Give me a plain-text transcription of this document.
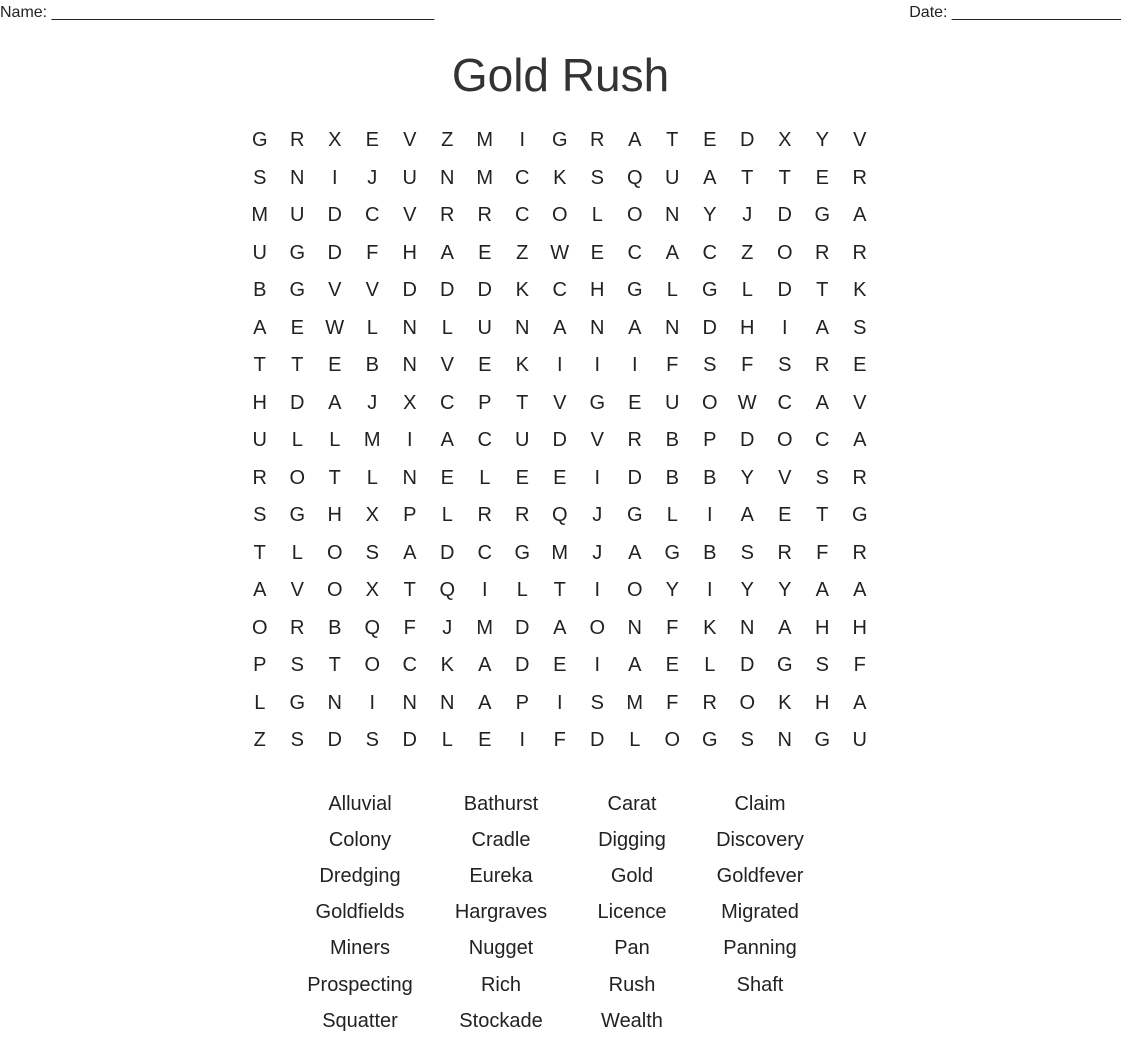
Name: ___________________________________________	Date: ___________________
Gold Rush
G	R	X	E	V	Z	M	I	G	R	A	T	E	D	X	Y	V
S	N	I	J	U	N	M	C	K	S	Q	U	A	T	T	E	R
M	U	D	C	V	R	R	C	O	L	O	N	Y	J	D	G	A
U	G	D	F	H	A	E	Z	W	E	C	A	C	Z	O	R	R
B	G	V	V	D	D	D	K	C	H	G	L	G	L	D	T	K
A	E	W	L	N	L	U	N	A	N	A	N	D	H	I	A	S
T	T	E	B	N	V	E	K	I	I	I	F	S	F	S	R	E
H	D	A	J	X	C	P	T	V	G	E	U	O	W	C	A	V
U	L	L	M	I	A	C	U	D	V	R	B	P	D	O	C	A
R	O	T	L	N	E	L	E	E	I	D	B	B	Y	V	S	R
S	G	H	X	P	L	R	R	Q	J	G	L	I	A	E	T	G
T	L	O	S	A	D	C	G	M	J	A	G	B	S	R	F	R
A	V	O	X	T	Q	I	L	T	I	O	Y	I	Y	Y	A	A
O	R	B	Q	F	J	M	D	A	O	N	F	K	N	A	H	H
P	S	T	O	C	K	A	D	E	I	A	E	L	D	G	S	F
L	G	N	I	N	N	A	P	I	S	M	F	R	O	K	H	A
Z	S	D	S	D	L	E	I	F	D	L	O	G	S	N	G	U
Alluvial	Bathurst	Carat	Claim
Colony	Cradle	Digging	Discovery
Dredging	Eureka	Gold	Goldfever
Goldfields	Hargraves	Licence	Migrated
Miners	Nugget	Pan	Panning
Prospecting	Rich	Rush	Shaft
Squatter	Stockade	Wealth
